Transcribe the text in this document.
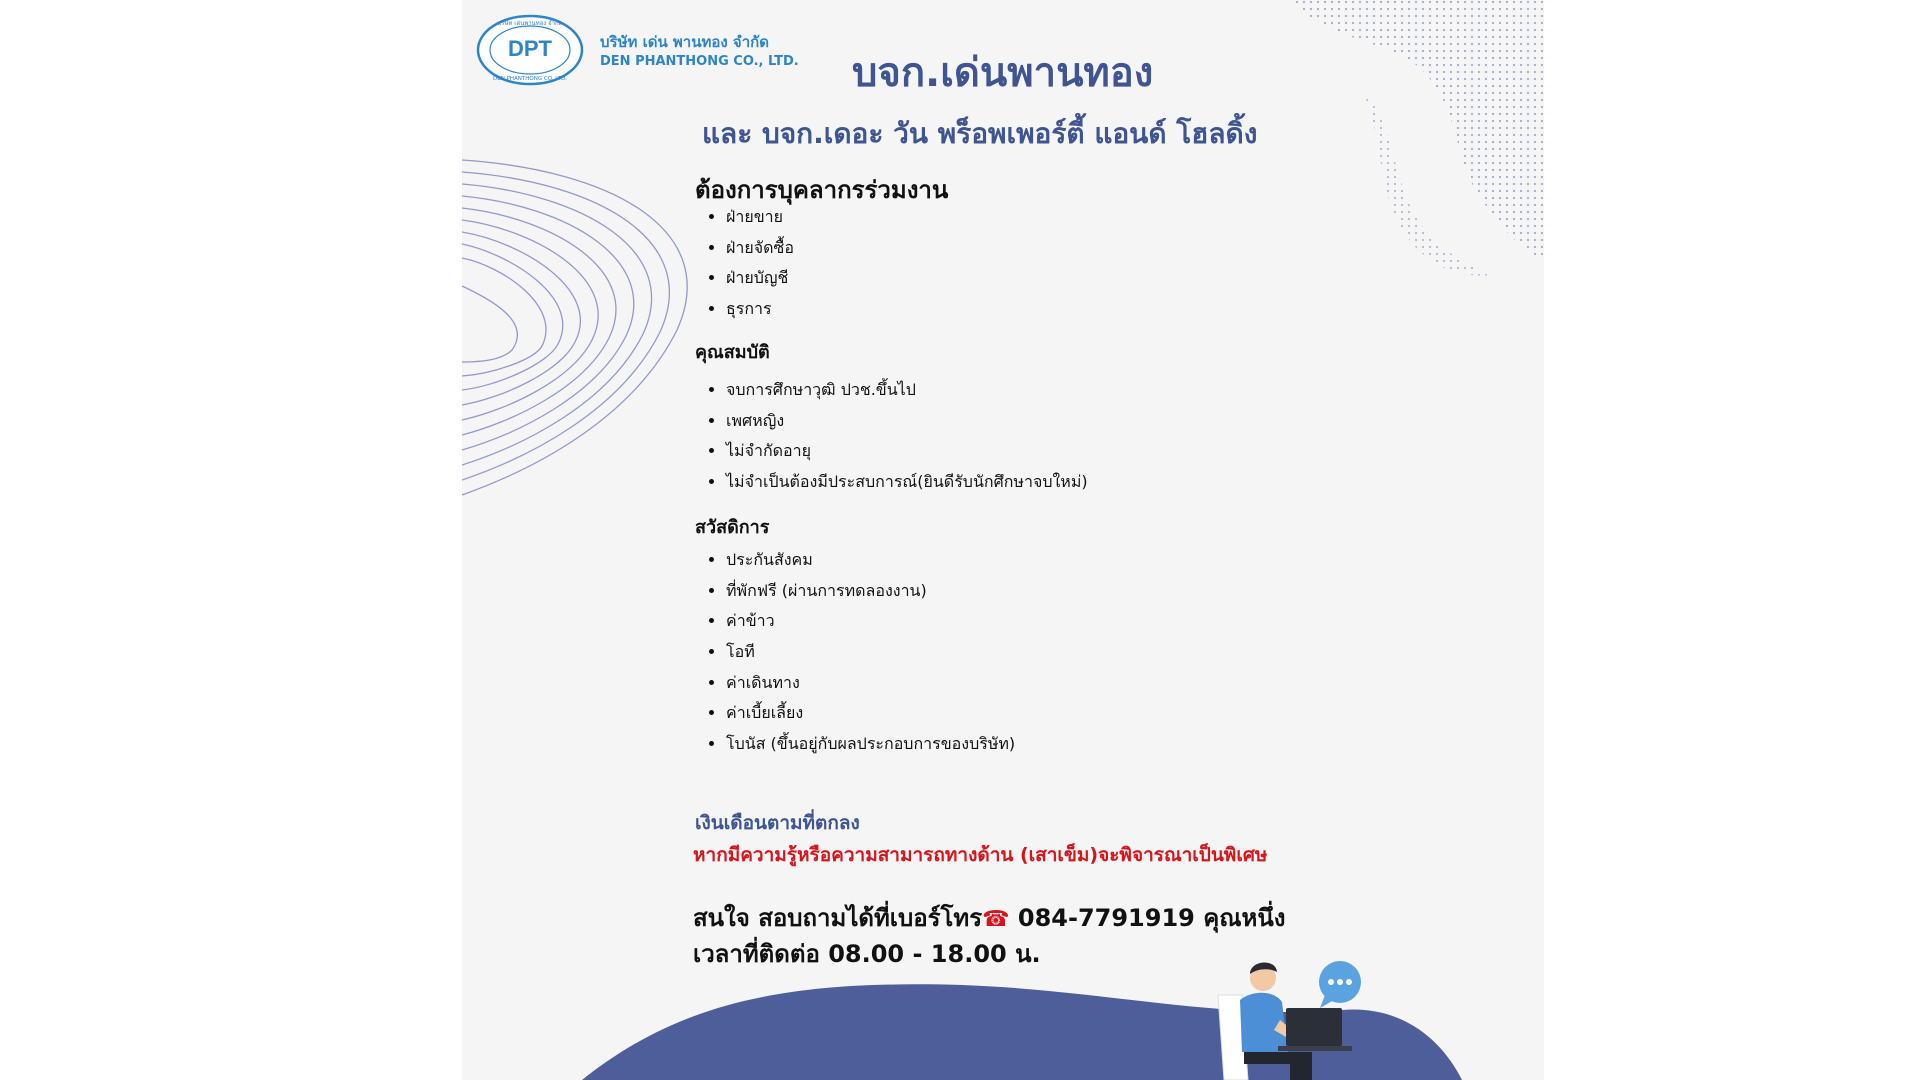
DPT
บริษัท เด่นพานทอง จำกัด
DEN PHANTHONG CO.,LTD.
บริษัท เด่น พานทอง จำกัด
DEN PHANTHONG CO., LTD. บจก.เด่นพานทอง
และ บจก.เดอะ วัน พร็อพเพอร์ตี้ แอนด์ โฮลดิ้ง
ต้องการบุคลากรร่วมงาน
• ฝ่ายขาย
• ฝ่ายจัดซื้อ
• ฝ่ายบัญชี
• ธุรการ
คุณสมบัติ
• จบการศึกษาวุฒิ ปวช.ขึ้นไป
• เพศหญิง
• ไม่จำกัดอายุ
• ไม่จำเป็นต้องมีประสบการณ์(ยินดีรับนักศึกษาจบใหม่)
สวัสดิการ
• ประกันสังคม
• ที่พักฟรี (ผ่านการทดลองงาน)
• ค่าข้าว
• โอที
• ค่าเดินทาง
• ค่าเบี้ยเลี้ยง
• โบนัส (ขึ้นอยู่กับผลประกอบการของบริษัท)
เงินเดือนตามที่ตกลง
หากมีความรู้หรือความสามารถทางด้าน (เสาเข็ม)จะพิจารณาเป็นพิเศษ
สนใจ สอบถามได้ที่เบอร์โทร☎ 084-7791919 คุณหนึ่ง
เวลาที่ติดต่อ 08.00 - 18.00 น.
